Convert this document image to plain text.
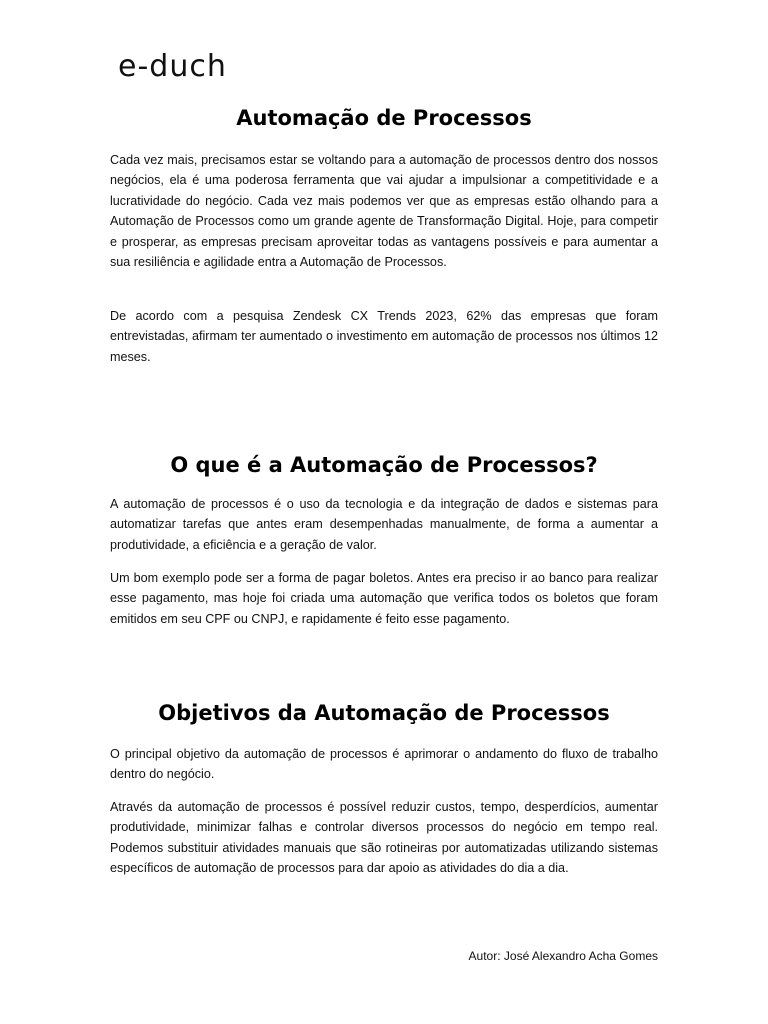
e-duch
Automação de Processos

Cada vez mais, precisamos estar se voltando para a automação de processos dentro dos nossos negócios, ela é uma poderosa ferramenta que vai ajudar a impulsionar a competitividade e a lucratividade do negócio. Cada vez mais podemos ver que as empresas estão olhando para a Automação de Processos como um grande agente de Transformação Digital. Hoje, para competir e prosperar, as empresas precisam aproveitar todas as vantagens possíveis e para aumentar a sua resiliência e agilidade entra a Automação de Processos.

De acordo com a pesquisa Zendesk CX Trends 2023, 62% das empresas que foram entrevistadas, afirmam ter aumentado o investimento em automação de processos nos últimos 12 meses.

O que é a Automação de Processos?

A automação de processos é o uso da tecnologia e da integração de dados e sistemas para automatizar tarefas que antes eram desempenhadas manualmente, de forma a aumentar a produtividade, a eficiência e a geração de valor.

Um bom exemplo pode ser a forma de pagar boletos. Antes era preciso ir ao banco para realizar esse pagamento, mas hoje foi criada uma automação que verifica todos os boletos que foram emitidos em seu CPF ou CNPJ, e rapidamente é feito esse pagamento.

Objetivos da Automação de Processos

O principal objetivo da automação de processos é aprimorar o andamento do fluxo de trabalho dentro do negócio.

Através da automação de processos é possível reduzir custos, tempo, desperdícios, aumentar produtividade, minimizar falhas e controlar diversos processos do negócio em tempo real. Podemos substituir atividades manuais que são rotineiras por automatizadas utilizando sistemas específicos de automação de processos para dar apoio as atividades do dia a dia.

Autor: José Alexandro Acha Gomes
